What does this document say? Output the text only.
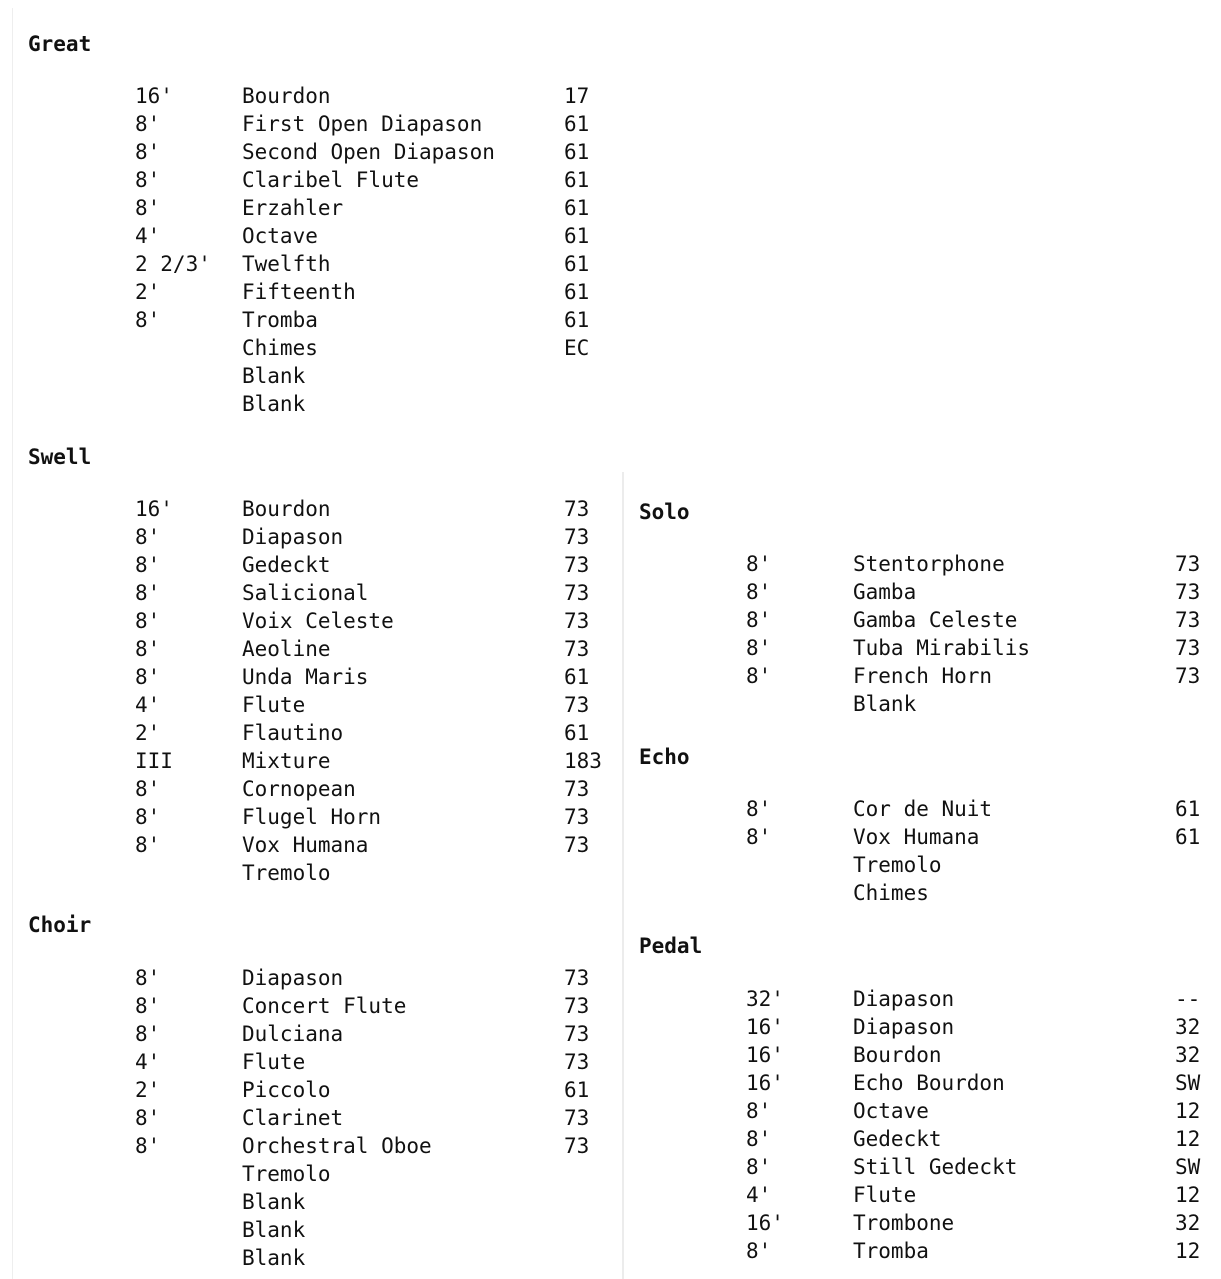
Great
16'	Bourdon	17
8'	First Open Diapason	61
8'	Second Open Diapason	61
8'	Claribel Flute	61
8'	Erzahler	61
4'	Octave	61
2 2/3' Twelfth	61
2'	Fifteenth	61
8'	Tromba	61
Chimes	EC
Blank
Blank
Swell
16'	Bourdon	73
8'	Diapason	73
8'	Gedeckt	73
8'	Salicional	73
8'	Voix Celeste	73
8'	Aeoline	73
8'	Unda Maris	61
4'	Flute	73
2'	Flautino	61
III	Mixture	183
8'	Cornopean	73
8'	Flugel Horn	73
8'	Vox Humana	73
Tremolo
Choir
8'	Diapason	73
8'	Concert Flute	73
8'	Dulciana	73
4'	Flute	73
2'	Piccolo	61
8'	Clarinet	73
8'	Orchestral Oboe	73
Tremolo
Blank
Blank
Blank
Solo
8'	Stentorphone	73
8'	Gamba	73
8'	Gamba Celeste	73
8'	Tuba Mirabilis	73
8'	French Horn	73
Blank
Echo
8'	Cor de Nuit	61
8'	Vox Humana	61
Tremolo
Chimes
Pedal
32'	Diapason	--
16'	Diapason	32
16'	Bourdon	32
16'	Echo Bourdon	SW
8'	Octave	12
8'	Gedeckt	12
8'	Still Gedeckt	SW
4'	Flute	12
16'	Trombone	32
8'	Tromba	12
